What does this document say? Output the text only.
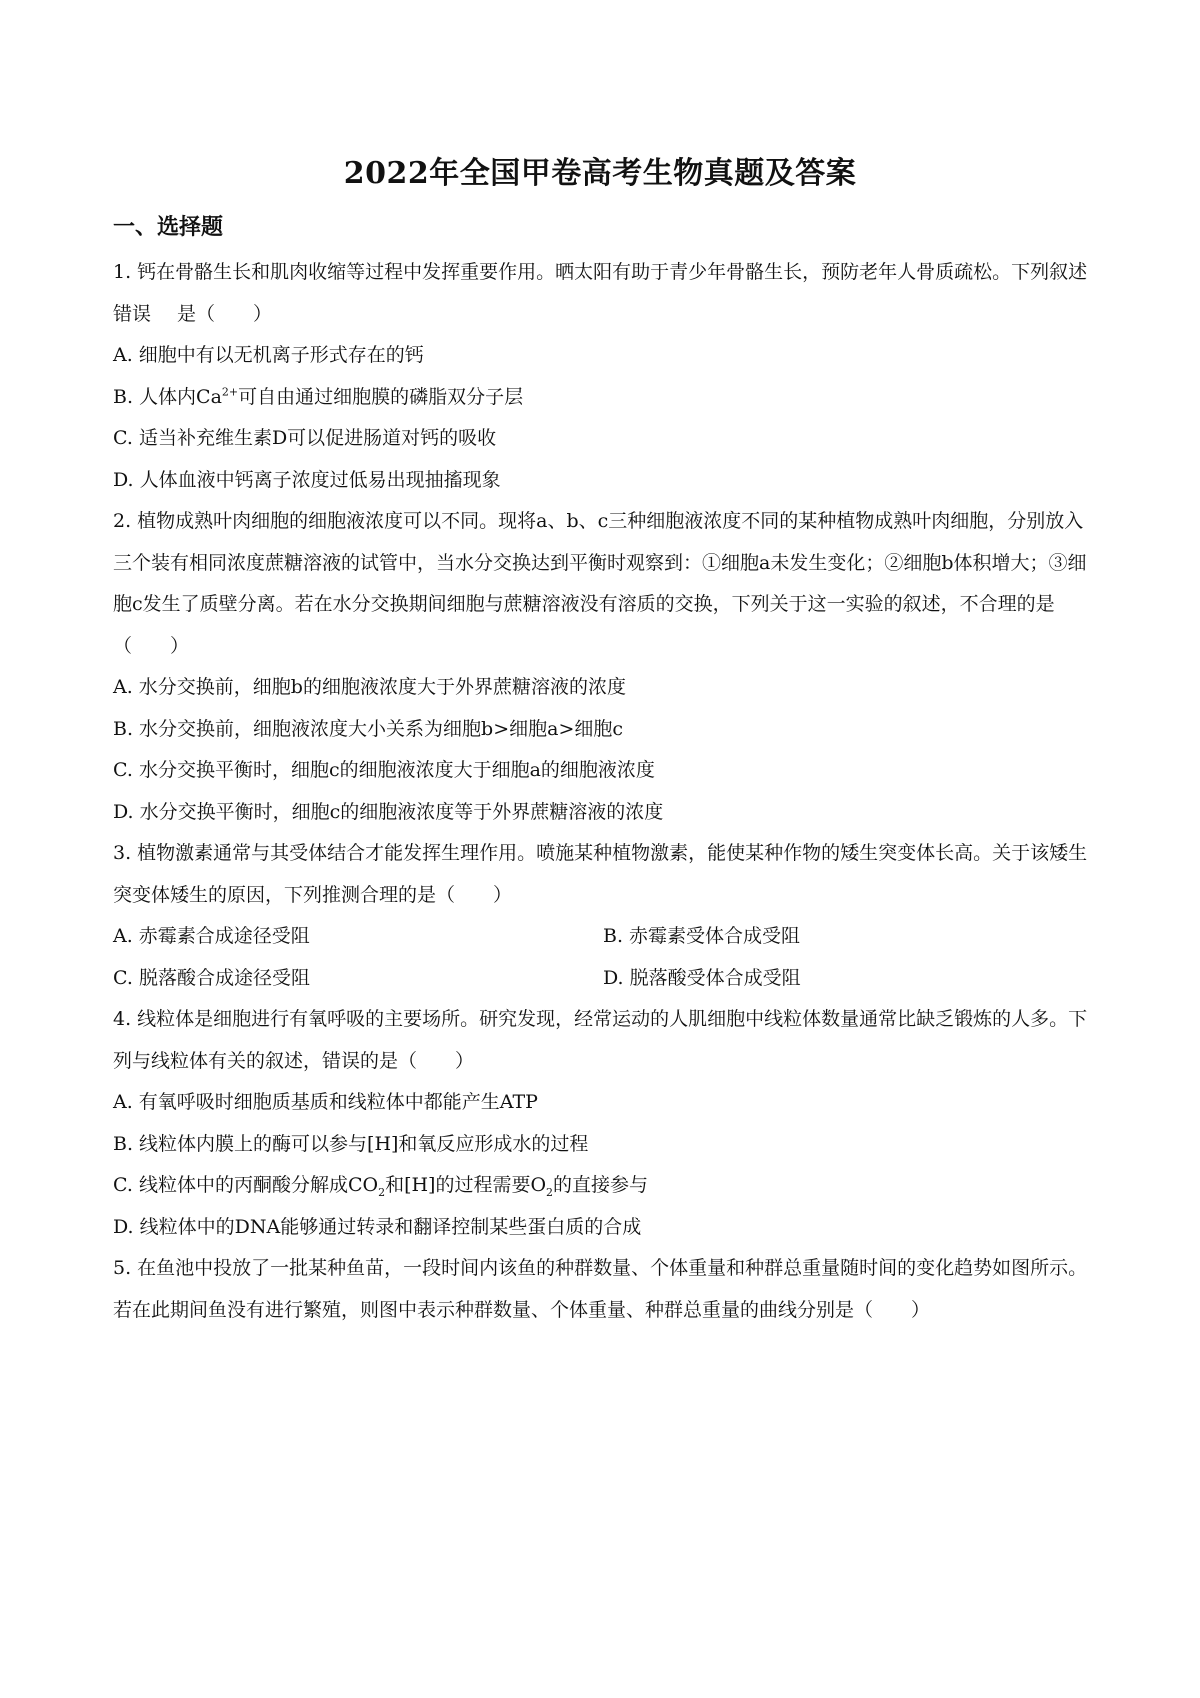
2022年全国甲卷高考生物真题及答案
一、选择题

1. 钙在骨骼生长和肌肉收缩等过程中发挥重要作用。晒太阳有助于青少年骨骼生长，预防老年人骨质疏松。下列叙述错误 是（　　）

A. 细胞中有以无机离子形式存在的钙

B. 人体内$Ca^{2+}$可自由通过细胞膜的磷脂双分子层

C. 适当补充维生素D可以促进肠道对钙的吸收

D. 人体血液中钙离子浓度过低易出现抽搐现象

2. 植物成熟叶肉细胞的细胞液浓度可以不同。现将a、b、c三种细胞液浓度不同的某种植物成熟叶肉细胞，分别放入三个装有相同浓度蔗糖溶液的试管中，当水分交换达到平衡时观察到：①细胞a未发生变化；②细胞b体积增大；③细胞c发生了质壁分离。若在水分交换期间细胞与蔗糖溶液没有溶质的交换，下列关于这一实验的叙述，不合理的是（　　）

A. 水分交换前，细胞b的细胞液浓度大于外界蔗糖溶液的浓度

B. 水分交换前，细胞液浓度大小关系为细胞b>细胞a>细胞c

C. 水分交换平衡时，细胞c的细胞液浓度大于细胞a的细胞液浓度

D. 水分交换平衡时，细胞c的细胞液浓度等于外界蔗糖溶液的浓度

3. 植物激素通常与其受体结合才能发挥生理作用。喷施某种植物激素，能使某种作物的矮生突变体长高。关于该矮生突变体矮生的原因，下列推测合理的是（　　）

A. 赤霉素合成途径受阻	B. 赤霉素受体合成受阻
C. 脱落酸合成途径受阻	D. 脱落酸受体合成受阻

4. 线粒体是细胞进行有氧呼吸的主要场所。研究发现，经常运动的人肌细胞中线粒体数量通常比缺乏锻炼的人多。下列与线粒体有关的叙述，错误的是（　　）

A. 有氧呼吸时细胞质基质和线粒体中都能产生ATP

B. 线粒体内膜上的酶可以参与[H]和氧反应形成水的过程

C. 线粒体中的丙酮酸分解成$CO_2$和[H]的过程需要$O_2$的直接参与

D. 线粒体中的DNA能够通过转录和翻译控制某些蛋白质的合成

5. 在鱼池中投放了一批某种鱼苗，一段时间内该鱼的种群数量、个体重量和种群总重量随时间的变化趋势如图所示。若在此期间鱼没有进行繁殖，则图中表示种群数量、个体重量、种群总重量的曲线分别是（　　）
